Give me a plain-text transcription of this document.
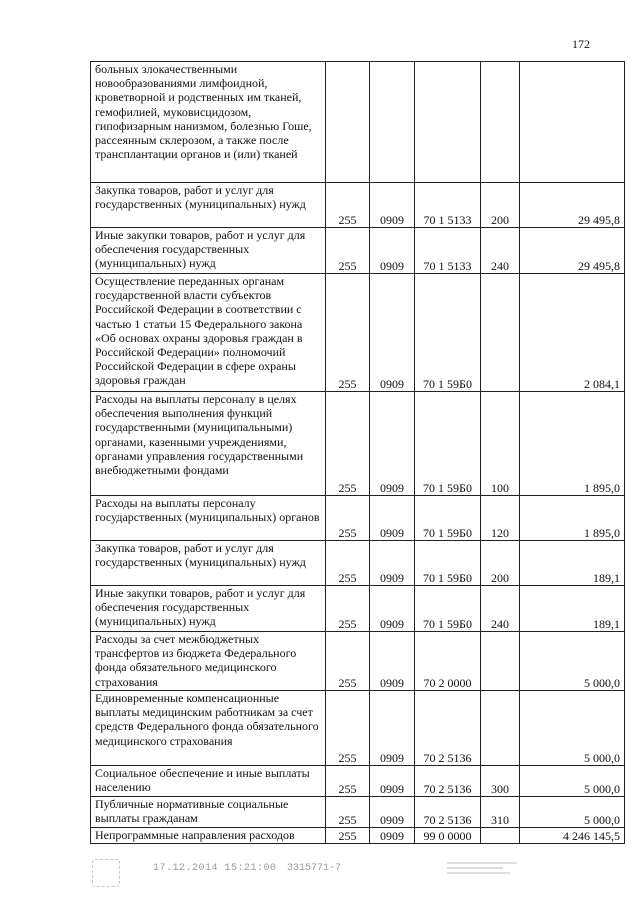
172
больных злокачественными новообразованиями лимфоидной, кроветворной и родственных им тканей, гемофилией, муковисцидозом, гипофизарным нанизмом, болезнью Гоше, рассеянным склерозом, а также после трансплантации органов и (или) тканей					
Закупка товаров, работ и услуг для государственных (муниципальных) нужд	255	0909	70 1 5133	200	29 495,8
Иные закупки товаров, работ и услуг для обеспечения государственных (муниципальных) нужд	255	0909	70 1 5133	240	29 495,8
Осуществление переданных органам государственной власти субъектов Российской Федерации в соответствии с частью 1 статьи 15 Федерального закона «Об основах охраны здоровья граждан в Российской Федерации» полномочий Российской Федерации в сфере охраны здоровья граждан	255	0909	70 1 59Б0		2 084,1
Расходы на выплаты персоналу в целях обеспечения выполнения функций государственными (муниципальными) органами, казенными учреждениями, органами управления государственными внебюджетными фондами	255	0909	70 1 59Б0	100	1 895,0
Расходы на выплаты персоналу государственных (муниципальных) органов	255	0909	70 1 59Б0	120	1 895,0
Закупка товаров, работ и услуг для государственных (муниципальных) нужд	255	0909	70 1 59Б0	200	189,1
Иные закупки товаров, работ и услуг для обеспечения государственных (муниципальных) нужд	255	0909	70 1 59Б0	240	189,1
Расходы за счет межбюджетных трансфертов из бюджета Федерального фонда обязательного медицинского страхования	255	0909	70 2 0000		5 000,0
Единовременные компенсационные выплаты медицинским работникам за счет средств Федерального фонда обязательного медицинского страхования	255	0909	70 2 5136		5 000,0
Социальное обеспечение и иные выплаты населению	255	0909	70 2 5136	300	5 000,0
Публичные нормативные социальные выплаты гражданам	255	0909	70 2 5136	310	5 000,0
Непрограммные направления расходов	255	0909	99 0 0000		4 246 145,5
17.12.2014 15:21:00 3315771-7
